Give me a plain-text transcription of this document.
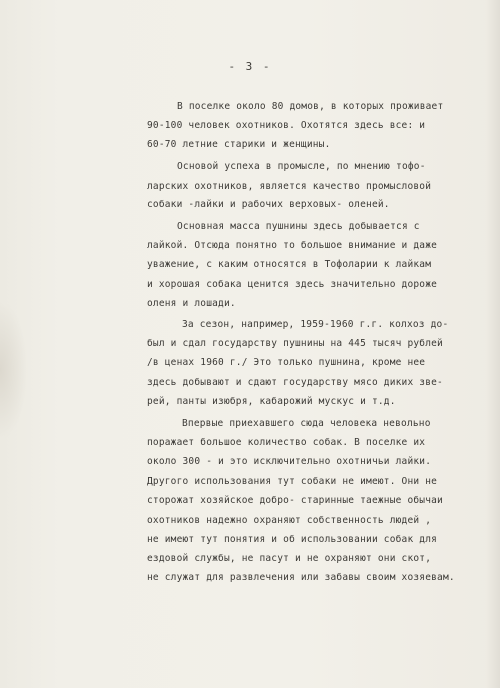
- 3 -
В поселке около 80 домов, в которых проживает
90-100 человек охотников. Охотятся здесь все: и
60-70 летние старики и женщины.
Основой успеха в промысле, по мнению тофо-
ларских охотников, является качество промысловой
собаки -лайки и рабочих верховых- оленей.
Основная масса пушнины здесь добывается с
лайкой. Отсюда понятно то большое внимание и даже
уважение, с каким относятся в Тофоларии к лайкам
и хорошая собака ценится здесь значительно дороже
оленя и лошади.
За сезон, например, 1959-1960 г.г. колхоз до-
был и сдал государству пушнины на 445 тысяч рублей
/в ценах 1960 г./ Это только пушнина, кроме нее
здесь добывают и сдают государству мясо диких зве-
рей, панты изюбря, кабарожий мускус и т.д.
Впервые приехавшего сюда человека невольно
поражает большое количество собак. В поселке их
около 300 - и это исключительно охотничьи лайки.
Другого использования тут собаки не имеют. Они не
сторожат хозяйское добро- старинные таежные обычаи
охотников надежно охраняют собственность людей ,
не имеют тут понятия и об использовании собак для
ездовой службы, не пасут и не охраняют они скот,
не служат для развлечения или забавы своим хозяевам.
